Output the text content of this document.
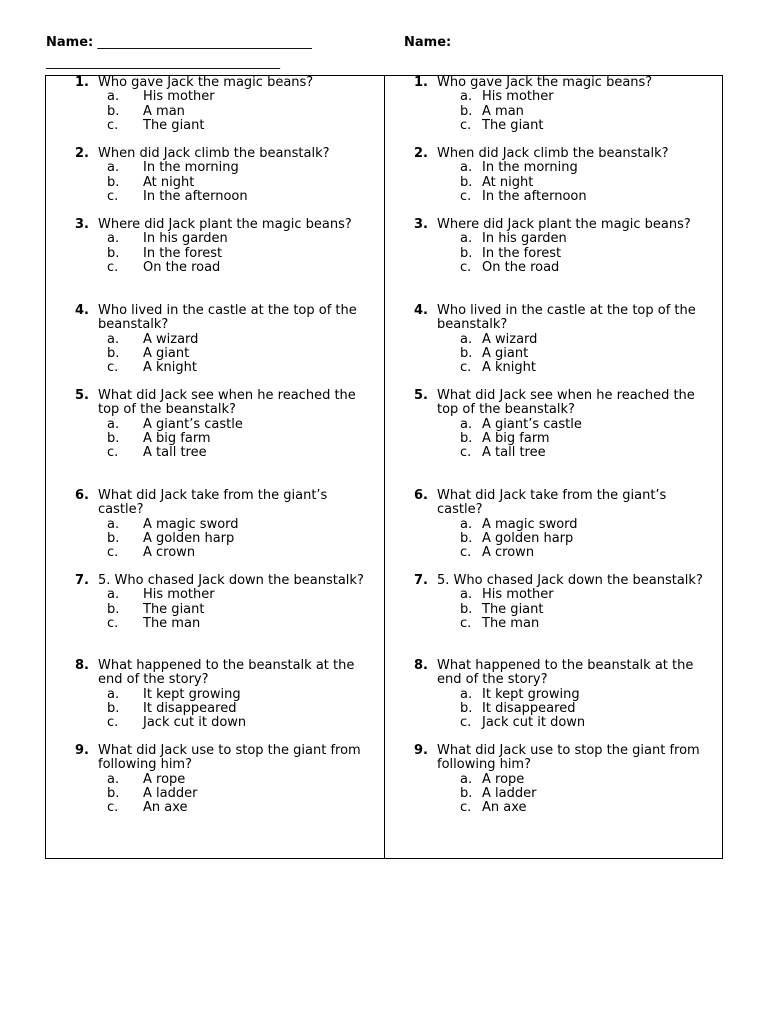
Name: _________________________________	Name:
____________________________________
1. Who gave Jack the magic beans?
a. His mother
b. A man
c. The giant
2. When did Jack climb the beanstalk?
a. In the morning
b. At night
c. In the afternoon
3. Where did Jack plant the magic beans?
a. In his garden
b. In the forest
c. On the road
4. Who lived in the castle at the top of the beanstalk?
a. A wizard
b. A giant
c. A knight
5. What did Jack see when he reached the top of the beanstalk?
a. A giant’s castle
b. A big farm
c. A tall tree
6. What did Jack take from the giant’s castle?
a. A magic sword
b. A golden harp
c. A crown
7. 5. Who chased Jack down the beanstalk?
a. His mother
b. The giant
c. The man
8. What happened to the beanstalk at the end of the story?
a. It kept growing
b. It disappeared
c. Jack cut it down
9. What did Jack use to stop the giant from following him?
a. A rope
b. A ladder
c. An axe
1. Who gave Jack the magic beans?
a. His mother
b. A man
c. The giant
2. When did Jack climb the beanstalk?
a. In the morning
b. At night
c. In the afternoon
3. Where did Jack plant the magic beans?
a. In his garden
b. In the forest
c. On the road
4. Who lived in the castle at the top of the beanstalk?
a. A wizard
b. A giant
c. A knight
5. What did Jack see when he reached the top of the beanstalk?
a. A giant’s castle
b. A big farm
c. A tall tree
6. What did Jack take from the giant’s castle?
a. A magic sword
b. A golden harp
c. A crown
7. 5. Who chased Jack down the beanstalk?
a. His mother
b. The giant
c. The man
8. What happened to the beanstalk at the end of the story?
a. It kept growing
b. It disappeared
c. Jack cut it down
9. What did Jack use to stop the giant from following him?
a. A rope
b. A ladder
c. An axe
